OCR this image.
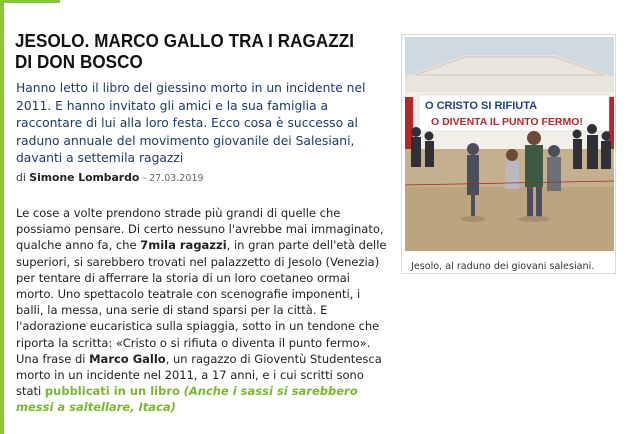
JESOLO. MARCO GALLO TRA I RAGAZZI DI DON BOSCO

Hanno letto il libro del giessino morto in un incidente nel 2011. E hanno invitato gli amici e la sua famiglia a raccontare di lui alla loro festa. Ecco cosa è successo al raduno annuale del movimento giovanile dei Salesiani, davanti a settemila ragazzi

di Simone Lombardo - 27.03.2019
Le cose a volte prendono strade più grandi di quelle che possiamo pensare. Di certo nessuno l'avrebbe mai immaginato, qualche anno fa, che 7mila ragazzi, in gran parte dell'età delle superiori, si sarebbero trovati nel palazzetto di Jesolo (Venezia) per tentare di afferrare la storia di un loro coetaneo ormai morto. Uno spettacolo teatrale con scenografie imponenti, i balli, la messa, una serie di stand sparsi per la città. E l'adorazione eucaristica sulla spiaggia, sotto in un tendone che riporta la scritta: «Cristo o si rifiuta o diventa il punto fermo». Una frase di Marco Gallo, un ragazzo di Gioventù Studentesca morto in un incidente nel 2011, a 17 anni, e i cui scritti sono stati pubblicati in un libro (Anche i sassi si sarebbero messi a saltellare, Itaca)
O CRISTO SI RIFIUTA
O DIVENTA IL PUNTO FERMO!
Jesolo, al raduno dei giovani salesiani.
